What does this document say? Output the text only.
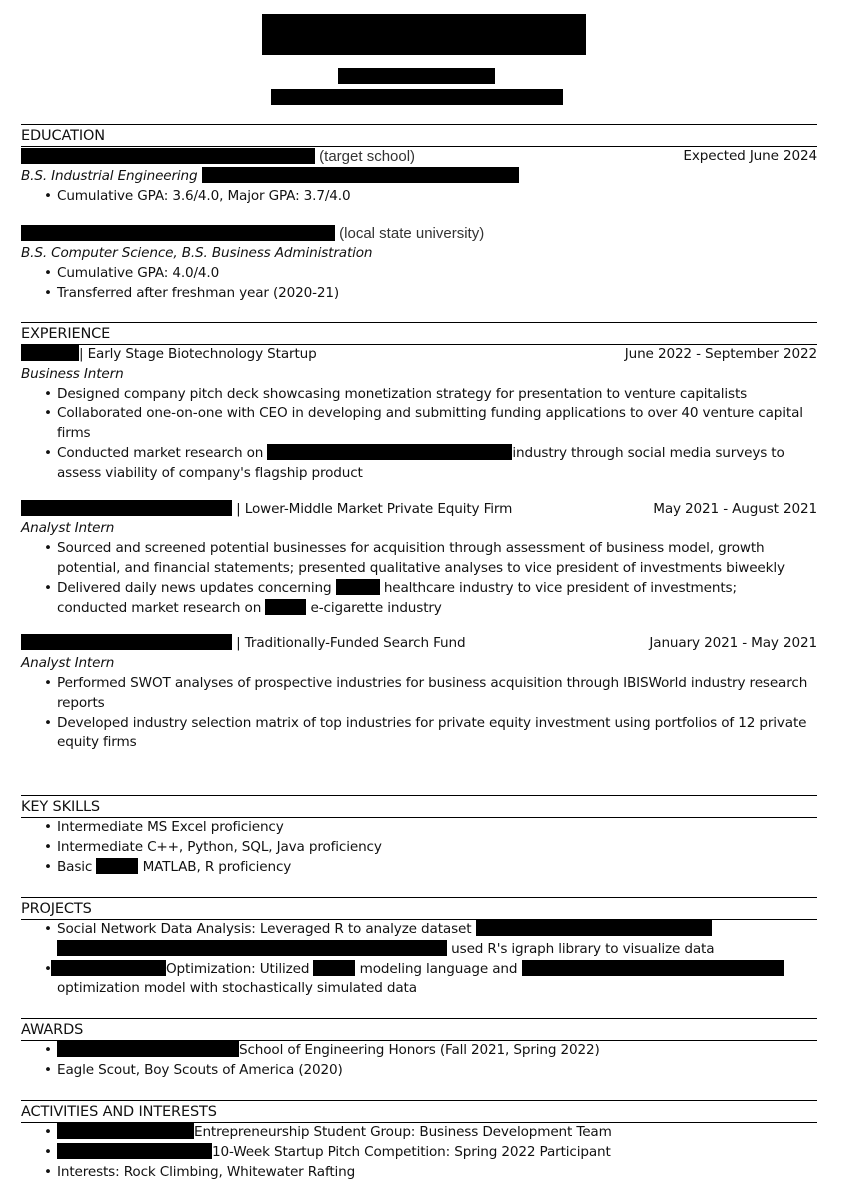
EDUCATION
(target school)	Expected June 2024
B.S. Industrial Engineering
• Cumulative GPA: 3.6/4.0, Major GPA: 3.7/4.0
(local state university)
B.S. Computer Science, B.S. Business Administration
• Cumulative GPA: 4.0/4.0
• Transferred after freshman year (2020-21)
EXPERIENCE
| Early Stage Biotechnology Startup	June 2022 - September 2022
Business Intern
• Designed company pitch deck showcasing monetization strategy for presentation to venture capitalists
• Collaborated one-on-one with CEO in developing and submitting funding applications to over 40 venture capital firms
• Conducted market research on	industry through social media surveys to assess viability of company's flagship product
| Lower-Middle Market Private Equity Firm	May 2021 - August 2021
Analyst Intern
• Sourced and screened potential businesses for acquisition through assessment of business model, growth potential, and financial statements; presented qualitative analyses to vice president of investments biweekly
• Delivered daily news updates concerning	healthcare industry to vice president of investments;
conducted market research on	e-cigarette industry
| Traditionally-Funded Search Fund	January 2021 - May 2021
Analyst Intern
• Performed SWOT analyses of prospective industries for business acquisition through IBISWorld industry research reports
• Developed industry selection matrix of top industries for private equity investment using portfolios of 12 private equity firms
KEY SKILLS
• Intermediate MS Excel proficiency
• Intermediate C++, Python, SQL, Java proficiency
• Basic	MATLAB, R proficiency
PROJECTS
• Social Network Data Analysis: Leveraged R to analyze dataset
used R's igraph library to visualize data
• Optimization: Utilized	modeling language and
optimization model with stochastically simulated data
AWARDS
• School of Engineering Honors (Fall 2021, Spring 2022)
• Eagle Scout, Boy Scouts of America (2020)
ACTIVITIES AND INTERESTS
• Entrepreneurship Student Group: Business Development Team
• 10-Week Startup Pitch Competition: Spring 2022 Participant
• Interests: Rock Climbing, Whitewater Rafting
